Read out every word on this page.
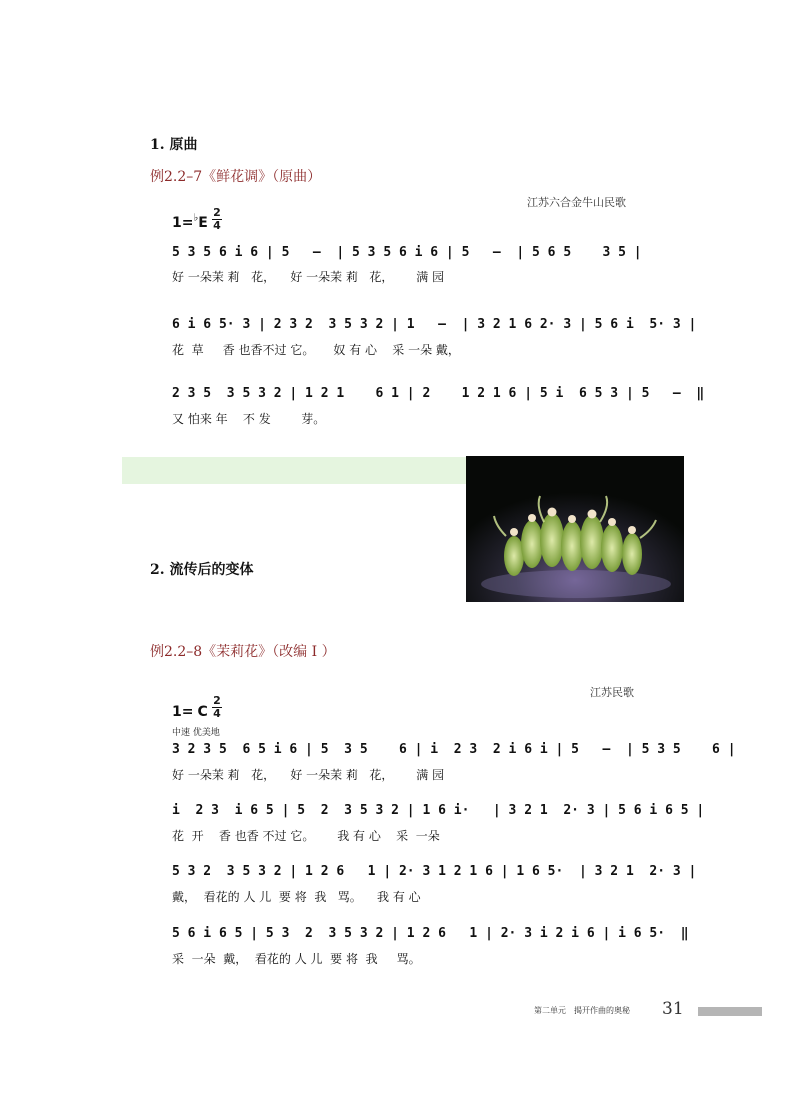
1. 原曲
例2.2–7《鲜花调》（原曲）
江苏六合金牛山民歌
1=♭E
2
4
5 3 5 6 i 6 | 5   –  | 5 3 5 6 i 6 | 5   –  | 5 6 5    3 5 |
好 一朵茉 莉   花，    好 一朵茉 莉   花，      满 园
6 i 6 5· 3 | 2 3 2  3 5 3 2 | 1   –  | 3 2 1 6 2· 3 | 5 6 i  5· 3 |
花  草     香 也香不过 它。     奴 有 心    采 一朵 戴，
2 3 5  3 5 3 2 | 1 2 1    6 1 | 2    1 2 1 6 | 5 i  6 5 3 | 5   –  ‖
又 怕来 年    不 发        芽。
2. 流传后的变体
例2.2–8《茉莉花》（改编 I ）
江苏民歌
1= C
2
4
中速 优美地
3 2 3 5  6 5 i 6 | 5  3 5    6 | i  2 3  2 i 6 i | 5   –  | 5 3 5    6 |
好 一朵茉 莉   花，    好 一朵茉 莉   花，      满 园
i  2 3  i 6 5 | 5  2  3 5 3 2 | 1 6 i·   | 3 2 1  2· 3 | 5 6 i 6 5 |
花  开    香 也香 不过 它。      我 有 心    采  一朵
5 3 2  3 5 3 2 | 1 2 6   1 | 2· 3 1 2 1 6 | 1 6 5·  | 3 2 1  2· 3 |
戴，  看花的 人 儿  要 将  我   骂。    我 有 心
5 6 i 6 5 | 5 3  2  3 5 3 2 | 1 2 6   1 | 2· 3 i 2 i 6 | i 6 5·  ‖
采  一朵  戴，  看花的 人 儿  要 将  我     骂。
第二单元　揭开作曲的奥秘 31
